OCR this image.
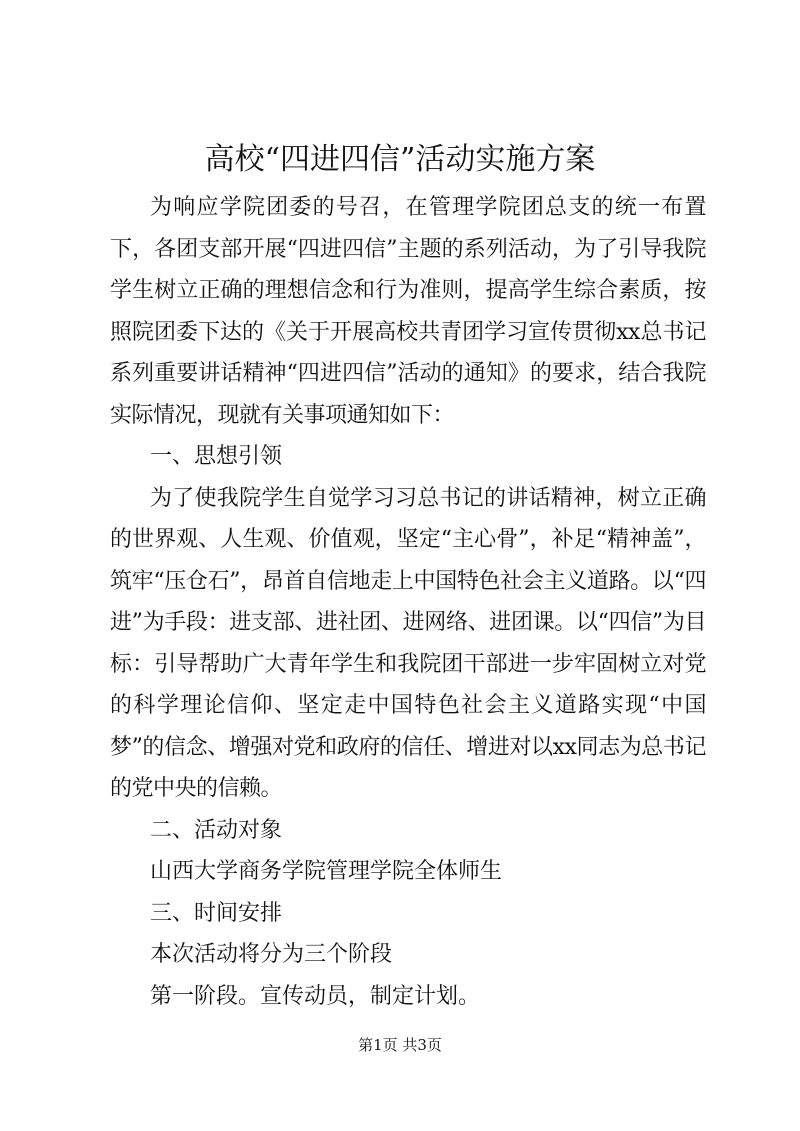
高校“四进四信”活动实施方案

为响应学院团委的号召，在管理学院团总支的统一布置下，各团支部开展“四进四信”主题的系列活动，为了引导我院学生树立正确的理想信念和行为准则，提高学生综合素质，按照院团委下达的《关于开展高校共青团学习宣传贯彻xx总书记系列重要讲话精神“四进四信”活动的通知》的要求，结合我院实际情况，现就有关事项通知如下：

一、思想引领

为了使我院学生自觉学习习总书记的讲话精神，树立正确的世界观、人生观、价值观，坚定“主心骨”，补足“精神盖”，筑牢“压仓石”，昂首自信地走上中国特色社会主义道路。以“四进”为手段：进支部、进社团、进网络、进团课。以“四信”为目标：引导帮助广大青年学生和我院团干部进一步牢固树立对党的科学理论信仰、坚定走中国特色社会主义道路实现“中国梦”的信念、增强对党和政府的信任、增进对以xx同志为总书记的党中央的信赖。

二、活动对象

山西大学商务学院管理学院全体师生

三、时间安排

本次活动将分为三个阶段

第一阶段。宣传动员，制定计划。

第1页 共3页
